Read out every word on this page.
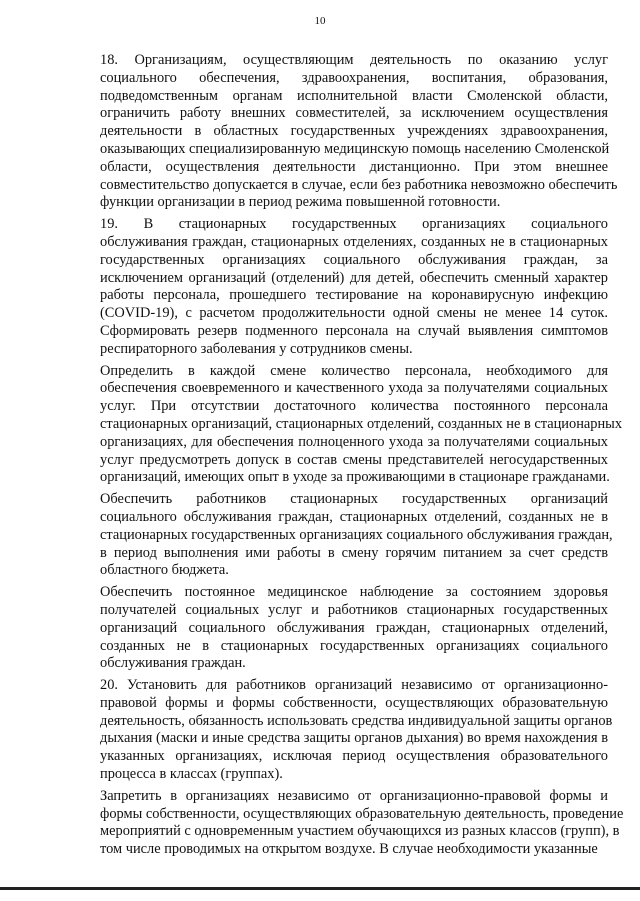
10
18. Организациям, осуществляющим деятельность по оказанию услуг
социального обеспечения, здравоохранения, воспитания, образования,
подведомственным органам исполнительной власти Смоленской области,
ограничить работу внешних совместителей, за исключением осуществления
деятельности в областных государственных учреждениях здравоохранения,
оказывающих специализированную медицинскую помощь населению Смоленской
области, осуществления деятельности дистанционно. При этом внешнее
совместительство допускается в случае, если без работника невозможно обеспечить
функции организации в период режима повышенной готовности.
19. В стационарных государственных организациях социального
обслуживания граждан, стационарных отделениях, созданных не в стационарных
государственных организациях социального обслуживания граждан, за
исключением организаций (отделений) для детей, обеспечить сменный характер
работы персонала, прошедшего тестирование на коронавирусную инфекцию
(COVID-19), с расчетом продолжительности одной смены не менее 14 суток.
Сформировать резерв подменного персонала на случай выявления симптомов
респираторного заболевания у сотрудников смены.
Определить в каждой смене количество персонала, необходимого для
обеспечения своевременного и качественного ухода за получателями социальных
услуг. При отсутствии достаточного количества постоянного персонала
стационарных организаций, стационарных отделений, созданных не в стационарных
организациях, для обеспечения полноценного ухода за получателями социальных
услуг предусмотреть допуск в состав смены представителей негосударственных
организаций, имеющих опыт в уходе за проживающими в стационаре гражданами.
Обеспечить работников стационарных государственных организаций
социального обслуживания граждан, стационарных отделений, созданных не в
стационарных государственных организациях социального обслуживания граждан,
в период выполнения ими работы в смену горячим питанием за счет средств
областного бюджета.
Обеспечить постоянное медицинское наблюдение за состоянием здоровья
получателей социальных услуг и работников стационарных государственных
организаций социального обслуживания граждан, стационарных отделений,
созданных не в стационарных государственных организациях социального
обслуживания граждан.
20. Установить для работников организаций независимо от организационно-
правовой формы и формы собственности, осуществляющих образовательную
деятельность, обязанность использовать средства индивидуальной защиты органов
дыхания (маски и иные средства защиты органов дыхания) во время нахождения в
указанных организациях, исключая период осуществления образовательного
процесса в классах (группах).
Запретить в организациях независимо от организационно-правовой формы и
формы собственности, осуществляющих образовательную деятельность, проведение
мероприятий с одновременным участием обучающихся из разных классов (групп), в
том числе проводимых на открытом воздухе. В случае необходимости указанные
